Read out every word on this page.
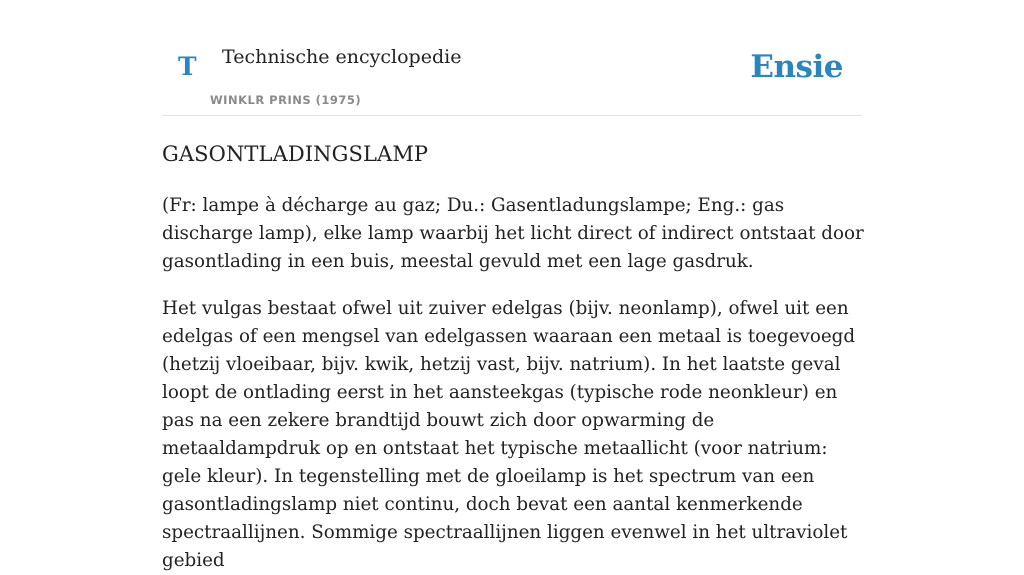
T Technische encyclopedie
WINKLR PRINS (1975)
Ensie
GASONTLADINGSLAMP

(Fr: lampe à décharge au gaz; Du.: Gasentladungslampe; Eng.: gas discharge lamp), elke lamp waarbij het licht direct of indirect ontstaat door gasontlading in een buis, meestal gevuld met een lage gasdruk.

Het vulgas bestaat ofwel uit zuiver edelgas (bijv. neonlamp), ofwel uit een edelgas of een mengsel van edelgassen waaraan een metaal is toegevoegd (hetzij vloeibaar, bijv. kwik, hetzij vast, bijv. natrium). In het laatste geval loopt de ontlading eerst in het aansteekgas (typische rode neonkleur) en pas na een zekere brandtijd bouwt zich door opwarming de metaaldampdruk op en ontstaat het typische metaallicht (voor natrium: gele kleur). In tegenstelling met de gloeilamp is het spectrum van een gasontladingslamp niet continu, doch bevat een aantal kenmerkende spectraallijnen. Sommige spectraallijnen liggen evenwel in het ultraviolet gebied
